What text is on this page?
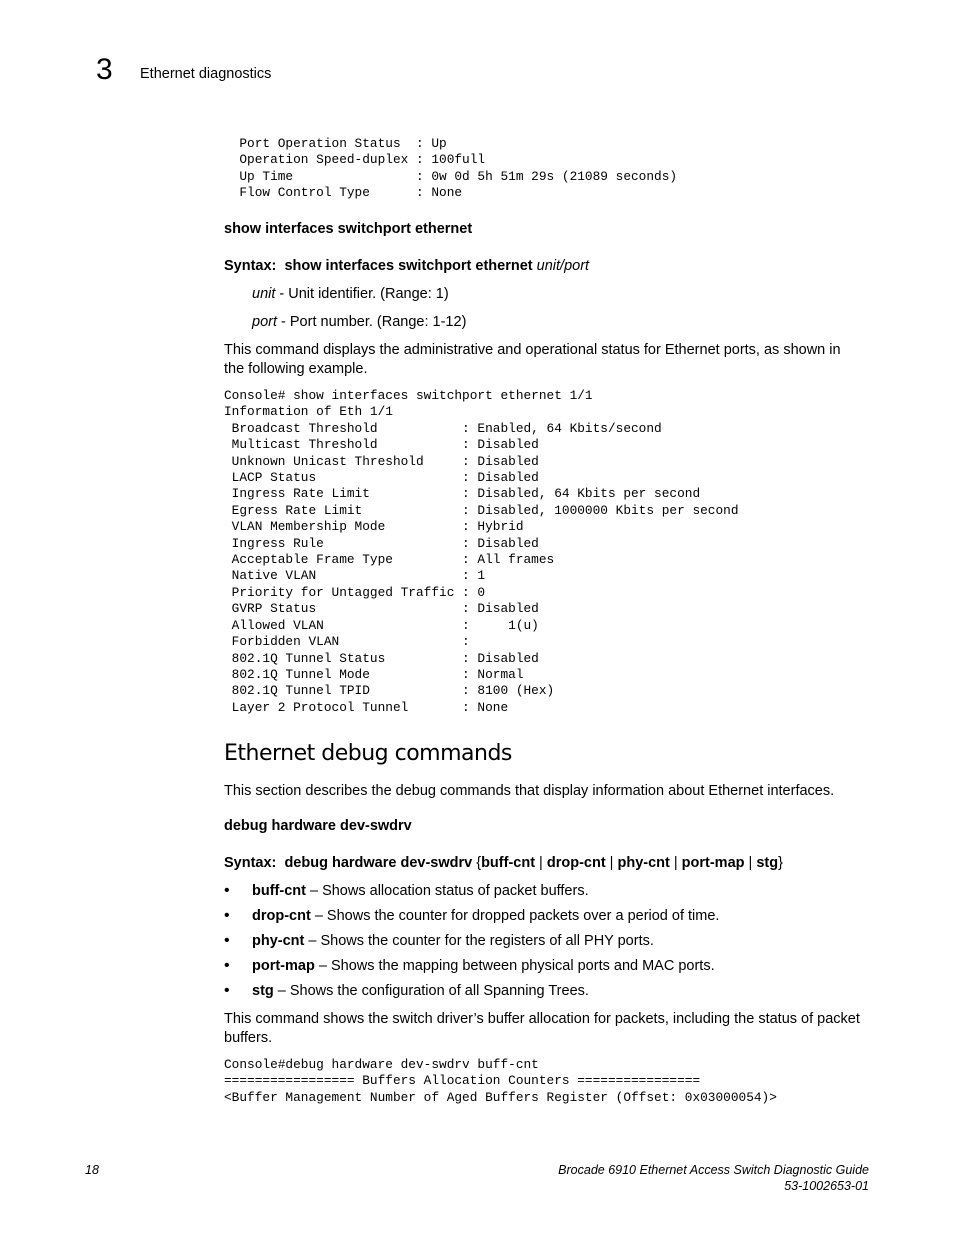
3 Ethernet diagnostics
Port Operation Status  : Up
Operation Speed-duplex : 100full
Up Time                : 0w 0d 5h 51m 29s (21089 seconds)
Flow Control Type      : None
show interfaces switchport ethernet
Syntax: show interfaces switchport ethernet unit/port
unit - Unit identifier. (Range: 1)
port - Port number. (Range: 1-12)
This command displays the administrative and operational status for Ethernet ports, as shown in the following example.
Console# show interfaces switchport ethernet 1/1
Information of Eth 1/1
Broadcast Threshold           : Enabled, 64 Kbits/second
Multicast Threshold           : Disabled
Unknown Unicast Threshold     : Disabled
LACP Status                   : Disabled
Ingress Rate Limit            : Disabled, 64 Kbits per second
Egress Rate Limit             : Disabled, 1000000 Kbits per second
VLAN Membership Mode          : Hybrid
Ingress Rule                  : Disabled
Acceptable Frame Type         : All frames
Native VLAN                   : 1
Priority for Untagged Traffic : 0
GVRP Status                   : Disabled
Allowed VLAN                  :     1(u)
Forbidden VLAN                :
802.1Q Tunnel Status          : Disabled
802.1Q Tunnel Mode            : Normal
802.1Q Tunnel TPID            : 8100 (Hex)
Layer 2 Protocol Tunnel       : None
Ethernet debug commands
This section describes the debug commands that display information about Ethernet interfaces.
debug hardware dev-swdrv
Syntax: debug hardware dev-swdrv {buff-cnt | drop-cnt | phy-cnt | port-map | stg}
• buff-cnt – Shows allocation status of packet buffers.
• drop-cnt – Shows the counter for dropped packets over a period of time.
• phy-cnt – Shows the counter for the registers of all PHY ports.
• port-map – Shows the mapping between physical ports and MAC ports.
• stg – Shows the configuration of all Spanning Trees.
This command shows the switch driver’s buffer allocation for packets, including the status of packet buffers.
Console#debug hardware dev-swdrv buff-cnt
================= Buffers Allocation Counters ================
<Buffer Management Number of Aged Buffers Register (Offset: 0x03000054)>
18	Brocade 6910 Ethernet Access Switch Diagnostic Guide
53-1002653-01
